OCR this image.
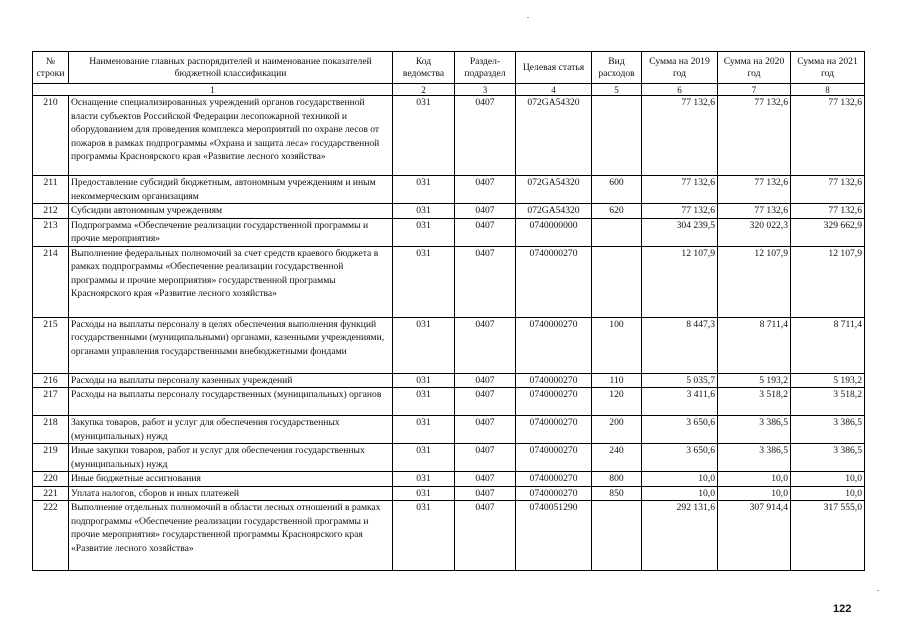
№ строки	Наименование главных распорядителей и наименование показателей бюджетной классификации	Код ведомства	Раздел-подраздел	Целевая статья	Вид расходов	Сумма на 2019 год	Сумма на 2020 год	Сумма на 2021 год
1		2	3	4	5	6	7	8
210	Оснащение специализированных учреждений органов государственной власти субъектов Российской Федерации лесопожарной техникой и оборудованием для проведения комплекса мероприятий по охране лесов от пожаров в рамках подпрограммы «Охрана и защита леса» государственной программы Красноярского края «Развитие лесного хозяйства»	031	0407	072GA54320		77 132,6	77 132,6	77 132,6
211	Предоставление субсидий бюджетным, автономным учреждениям и иным некоммерческим организациям	031	0407	072GA54320	600	77 132,6	77 132,6	77 132,6
212	Субсидии автономным учреждениям	031	0407	072GA54320	620	77 132,6	77 132,6	77 132,6
213	Подпрограмма «Обеспечение реализации государственной программы и прочие мероприятия»	031	0407	0740000000		304 239,5	320 022,3	329 662,9
214	Выполнение федеральных полномочий за счет средств краевого бюджета в рамках подпрограммы «Обеспечение реализации государственной программы и прочие мероприятия» государственной программы Красноярского края «Развитие лесного хозяйства»	031	0407	0740000270		12 107,9	12 107,9	12 107,9
215	Расходы на выплаты персоналу в целях обеспечения выполнения функций государственными (муниципальными) органами, казенными учреждениями, органами управления государственными внебюджетными фондами	031	0407	0740000270	100	8 447,3	8 711,4	8 711,4
216	Расходы на выплаты персоналу казенных учреждений	031	0407	0740000270	110	5 035,7	5 193,2	5 193,2
217	Расходы на выплаты персоналу государственных (муниципальных) органов	031	0407	0740000270	120	3 411,6	3 518,2	3 518,2
218	Закупка товаров, работ и услуг для обеспечения государственных (муниципальных) нужд	031	0407	0740000270	200	3 650,6	3 386,5	3 386,5
219	Иные закупки товаров, работ и услуг для обеспечения государственных (муниципальных) нужд	031	0407	0740000270	240	3 650,6	3 386,5	3 386,5
220	Иные бюджетные ассигнования	031	0407	0740000270	800	10,0	10,0	10,0
221	Уплата налогов, сборов и иных платежей	031	0407	0740000270	850	10,0	10,0	10,0
222	Выполнение отдельных полномочий в области лесных отношений в рамках подпрограммы «Обеспечение реализации государственной программы и прочие мероприятия» государственной программы Красноярского края «Развитие лесного хозяйства»	031	0407	0740051290		292 131,6	307 914,4	317 555,0
122
